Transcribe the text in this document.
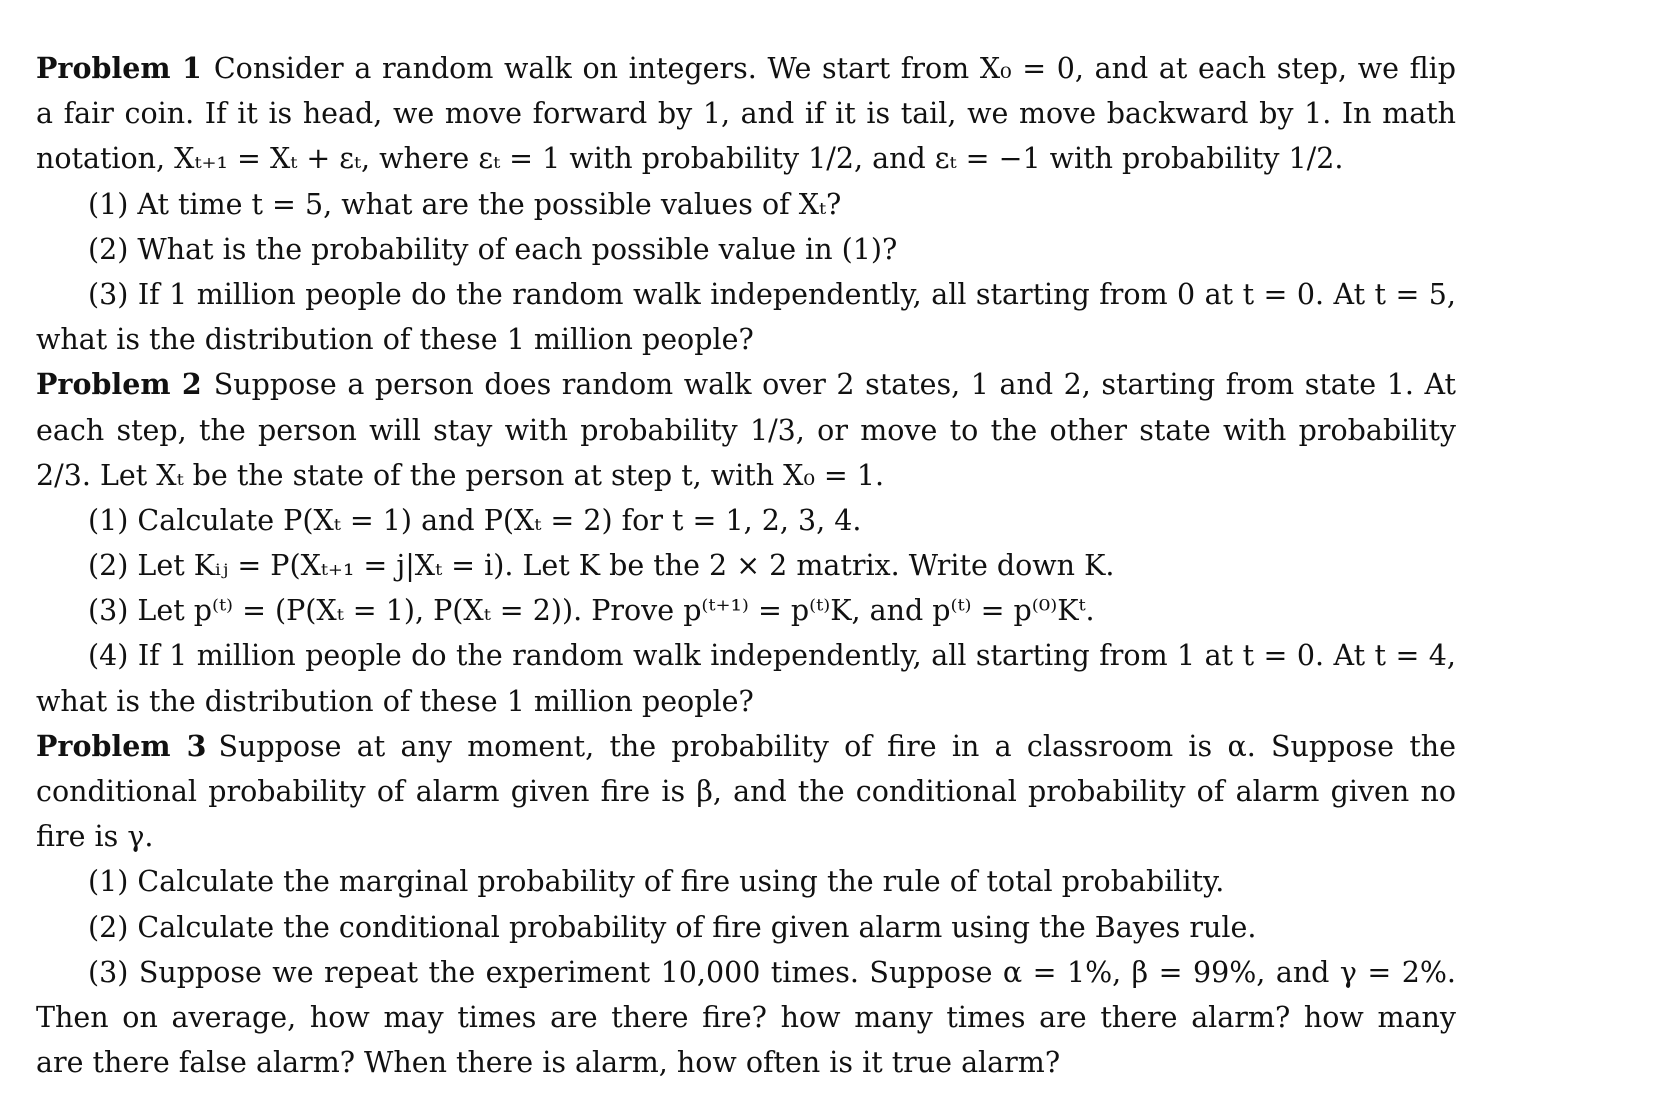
Problem 1 Consider a random walk on integers. We start from X₀ = 0, and at each step, we flip
a fair coin. If it is head, we move forward by 1, and if it is tail, we move backward by 1. In math
notation, Xₜ₊₁ = Xₜ + εₜ, where εₜ = 1 with probability 1/2, and εₜ = −1 with probability 1/2.
(1) At time t = 5, what are the possible values of Xₜ?
(2) What is the probability of each possible value in (1)?
(3) If 1 million people do the random walk independently, all starting from 0 at t = 0. At t = 5,
what is the distribution of these 1 million people?
Problem 2 Suppose a person does random walk over 2 states, 1 and 2, starting from state 1. At
each step, the person will stay with probability 1/3, or move to the other state with probability
2/3. Let Xₜ be the state of the person at step t, with X₀ = 1.
(1) Calculate P(Xₜ = 1) and P(Xₜ = 2) for t = 1, 2, 3, 4.
(2) Let Kᵢⱼ = P(Xₜ₊₁ = j|Xₜ = i). Let K be the 2 × 2 matrix. Write down K.
(3) Let p⁽ᵗ⁾ = (P(Xₜ = 1), P(Xₜ = 2)). Prove p⁽ᵗ⁺¹⁾ = p⁽ᵗ⁾K, and p⁽ᵗ⁾ = p⁽⁰⁾Kᵗ.
(4) If 1 million people do the random walk independently, all starting from 1 at t = 0. At t = 4,
what is the distribution of these 1 million people?
Problem 3 Suppose at any moment, the probability of fire in a classroom is α. Suppose the
conditional probability of alarm given fire is β, and the conditional probability of alarm given no
fire is γ.
(1) Calculate the marginal probability of fire using the rule of total probability.
(2) Calculate the conditional probability of fire given alarm using the Bayes rule.
(3) Suppose we repeat the experiment 10,000 times. Suppose α = 1%, β = 99%, and γ = 2%.
Then on average, how may times are there fire? how many times are there alarm? how many
are there false alarm? When there is alarm, how often is it true alarm?
